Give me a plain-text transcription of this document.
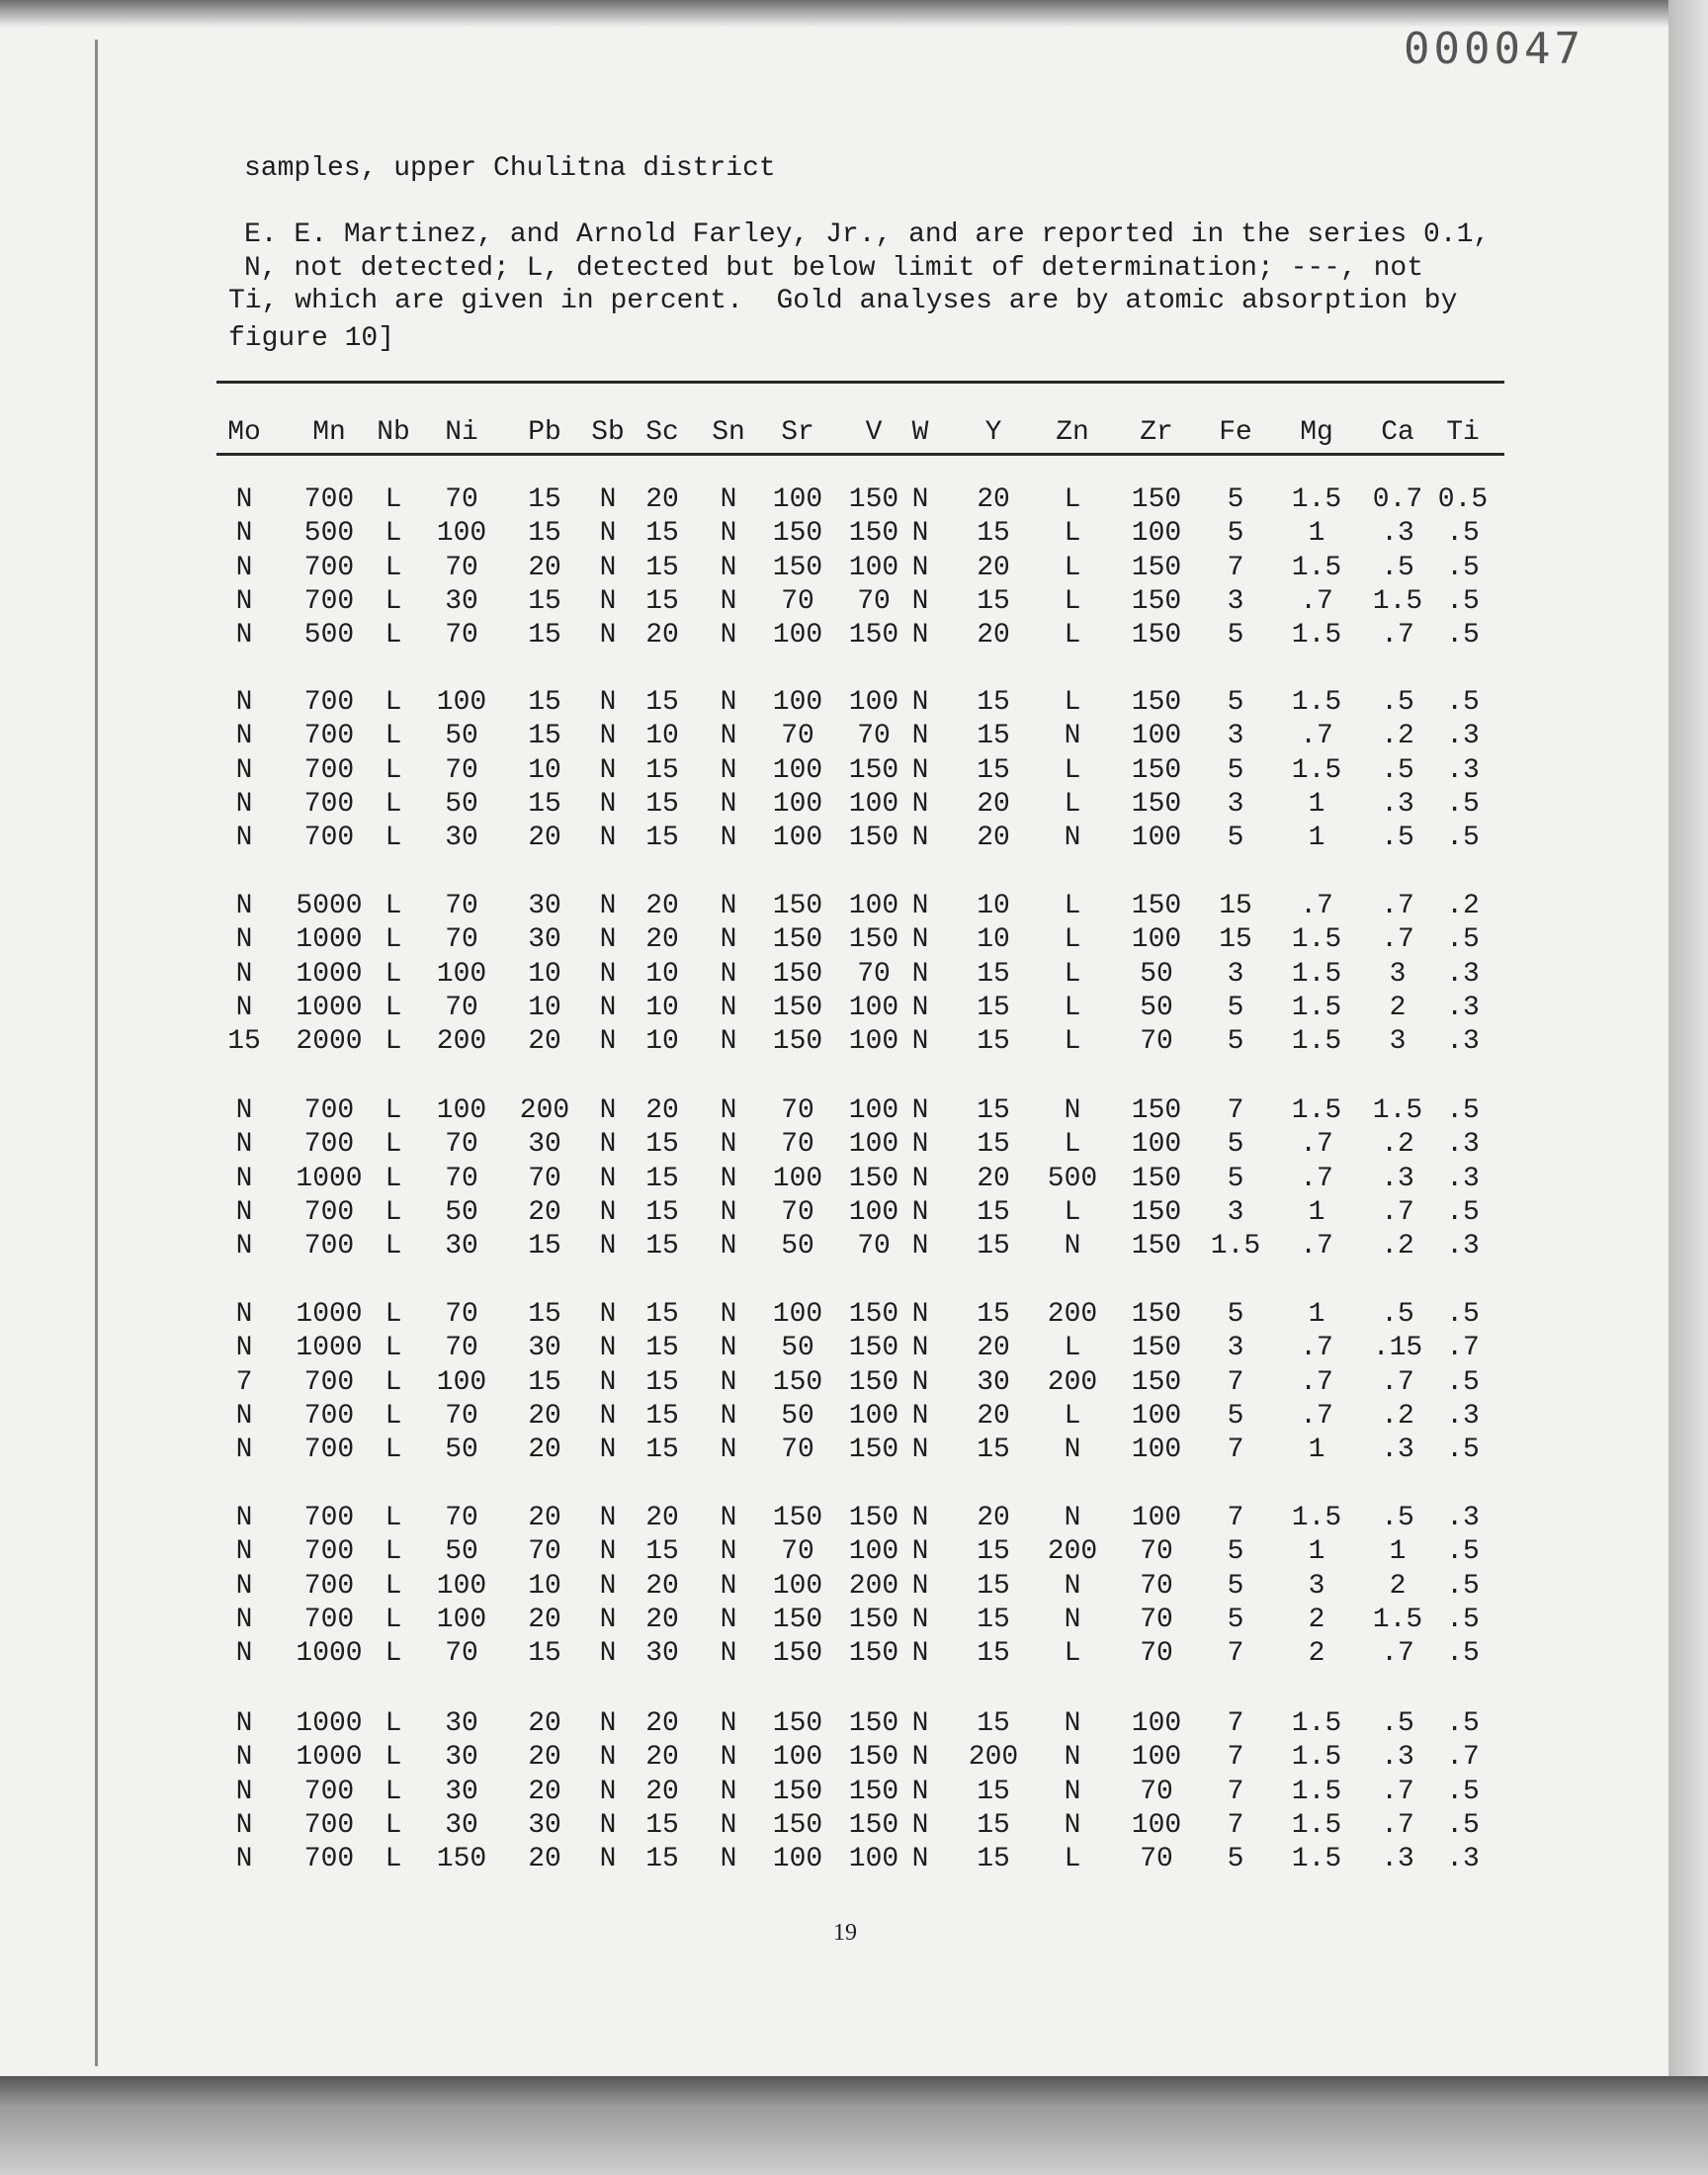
000047
samples, upper Chulitna district
E. E. Martinez, and Arnold Farley, Jr., and are reported in the series 0.1,
N, not detected; L, detected but below limit of determination; ---, not
Ti, which are given in percent.  Gold analyses are by atomic absorption by
figure 10]
Mo Mn Nb Ni Pb Sb Sc Sn Sr V W Y Zn Zr Fe Mg Ca Ti
N 700 L 70 15 N 20 N 100 150 N 20 L 150 5 1.5 0.7 0.5
N 500 L 100 15 N 15 N 150 150 N 15 L 100 5 1 .3 .5
N 700 L 70 20 N 15 N 150 100 N 20 L 150 7 1.5 .5 .5
N 700 L 30 15 N 15 N 70 70 N 15 L 150 3 .7 1.5 .5
N 500 L 70 15 N 20 N 100 150 N 20 L 150 5 1.5 .7 .5
N 700 L 100 15 N 15 N 100 100 N 15 L 150 5 1.5 .5 .5
N 700 L 50 15 N 10 N 70 70 N 15 N 100 3 .7 .2 .3
N 700 L 70 10 N 15 N 100 150 N 15 L 150 5 1.5 .5 .3
N 700 L 50 15 N 15 N 100 100 N 20 L 150 3 1 .3 .5
N 700 L 30 20 N 15 N 100 150 N 20 N 100 5 1 .5 .5
N 5000 L 70 30 N 20 N 150 100 N 10 L 150 15 .7 .7 .2
N 1000 L 70 30 N 20 N 150 150 N 10 L 100 15 1.5 .7 .5
N 1000 L 100 10 N 10 N 150 70 N 15 L 50 3 1.5 3 .3
N 1000 L 70 10 N 10 N 150 100 N 15 L 50 5 1.5 2 .3
15 2000 L 200 20 N 10 N 150 100 N 15 L 70 5 1.5 3 .3
N 700 L 100 200 N 20 N 70 100 N 15 N 150 7 1.5 1.5 .5
N 700 L 70 30 N 15 N 70 100 N 15 L 100 5 .7 .2 .3
N 1000 L 70 70 N 15 N 100 150 N 20 500 150 5 .7 .3 .3
N 700 L 50 20 N 15 N 70 100 N 15 L 150 3 1 .7 .5
N 700 L 30 15 N 15 N 50 70 N 15 N 150 1.5 .7 .2 .3
N 1000 L 70 15 N 15 N 100 150 N 15 200 150 5 1 .5 .5
N 1000 L 70 30 N 15 N 50 150 N 20 L 150 3 .7 .15 .7
7 700 L 100 15 N 15 N 150 150 N 30 200 150 7 .7 .7 .5
N 700 L 70 20 N 15 N 50 100 N 20 L 100 5 .7 .2 .3
N 700 L 50 20 N 15 N 70 150 N 15 N 100 7 1 .3 .5
N 700 L 70 20 N 20 N 150 150 N 20 N 100 7 1.5 .5 .3
N 700 L 50 70 N 15 N 70 100 N 15 200 70 5 1 1 .5
N 700 L 100 10 N 20 N 100 200 N 15 N 70 5 3 2 .5
N 700 L 100 20 N 20 N 150 150 N 15 N 70 5 2 1.5 .5
N 1000 L 70 15 N 30 N 150 150 N 15 L 70 7 2 .7 .5
N 1000 L 30 20 N 20 N 150 150 N 15 N 100 7 1.5 .5 .5
N 1000 L 30 20 N 20 N 100 150 N 200 N 100 7 1.5 .3 .7
N 700 L 30 20 N 20 N 150 150 N 15 N 70 7 1.5 .7 .5
N 700 L 30 30 N 15 N 150 150 N 15 N 100 7 1.5 .7 .5
N 700 L 150 20 N 15 N 100 100 N 15 L 70 5 1.5 .3 .3
19
